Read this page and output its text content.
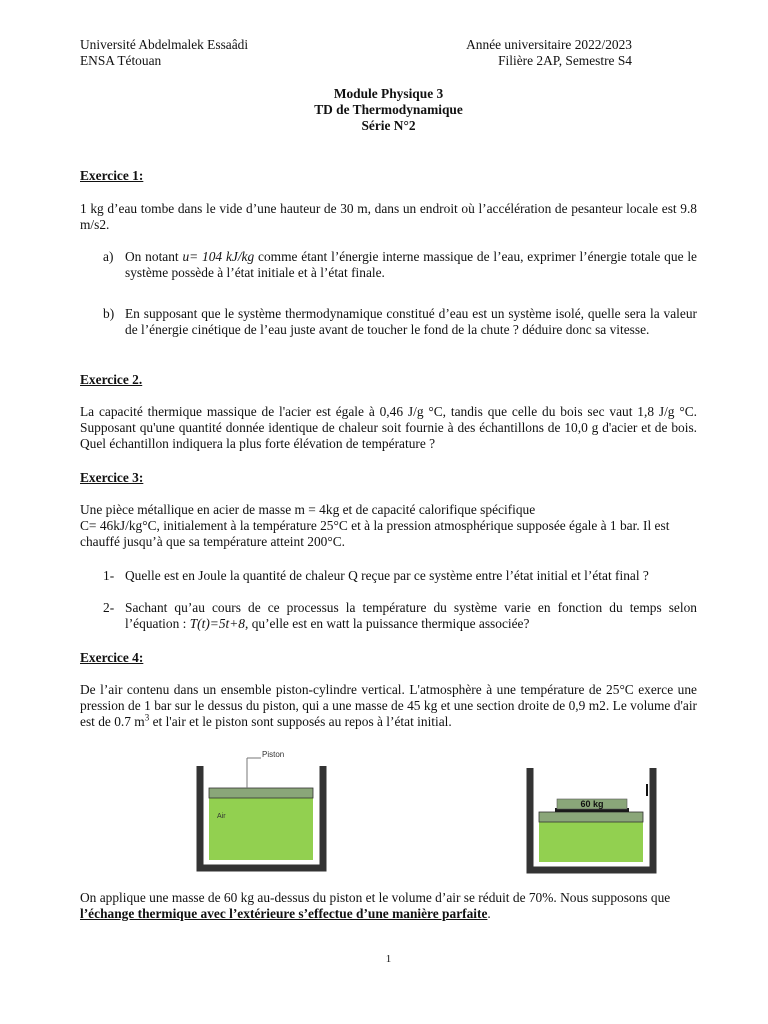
Université Abdelmalek Essaâdi	Année universitaire 2022/2023
ENSA Tétouan	Filière 2AP, Semestre S4
Module Physique 3
TD de Thermodynamique
Série N°2
Exercice 1:
1 kg d’eau tombe dans le vide d’une hauteur de 30 m, dans un endroit où l’accélération de pesanteur locale est 9.8 m/s2.
a) On notant u= 104 kJ/kg comme étant l’énergie interne massique de l’eau, exprimer l’énergie totale que le système possède à l’état initiale et à l’état finale.
b) En supposant que le système thermodynamique constitué d’eau est un système isolé, quelle sera la valeur de l’énergie cinétique de l’eau juste avant de toucher le fond de la chute ? déduire donc sa vitesse.
Exercice 2.
La capacité thermique massique de l'acier est égale à 0,46 J/g °C, tandis que celle du bois sec vaut 1,8 J/g °C. Supposant qu'une quantité donnée identique de chaleur soit fournie à des échantillons de 10,0 g d'acier et de bois. Quel échantillon indiquera la plus forte élévation de température ?
Exercice 3:
Une pièce métallique en acier de masse m = 4kg et de capacité calorifique spécifique
C= 46kJ/kg°C, initialement à la température 25°C et à la pression atmosphérique supposée égale à 1 bar. Il est chauffé jusqu’à que sa température atteint 200°C.
1- Quelle est en Joule la quantité de chaleur Q reçue par ce système entre l’état initial et l’état final ?
2- Sachant qu’au cours de ce processus la température du système varie en fonction du temps selon l’équation : T(t)=5t+8, qu’elle est en watt la puissance thermique associée?
Exercice 4:
De l’air contenu dans un ensemble piston-cylindre vertical. L'atmosphère à une température de 25°C exerce une pression de 1 bar sur le dessus du piston, qui a une masse de 45 kg et une section droite de 0,9 m2. Le volume d'air est de 0.7 $m^3$ et l'air et le piston sont supposés au repos à l’état initial.
Piston
Air
60 kg
On applique une masse de 60 kg au-dessus du piston et le volume d’air se réduit de 70%. Nous supposons que l’échange thermique avec l’extérieure s’effectue d’une manière parfaite.
1
